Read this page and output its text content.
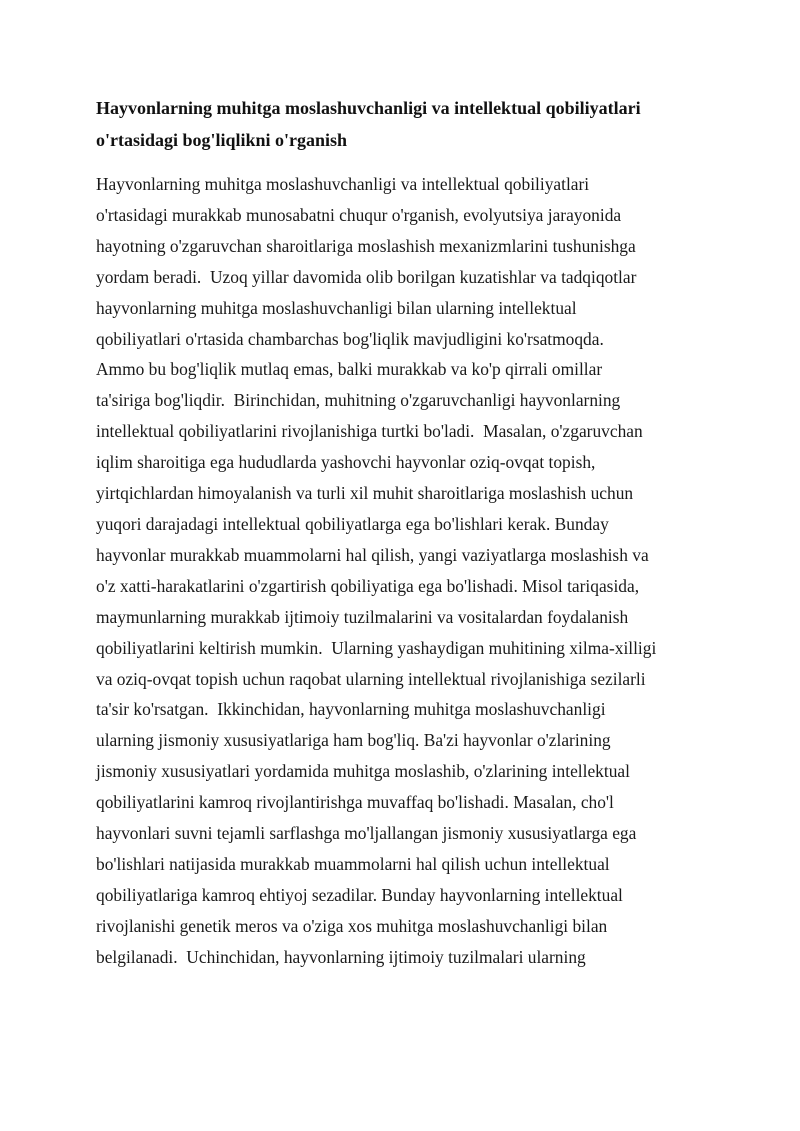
Hayvonlarning muhitga moslashuvchanligi va intellektual qobiliyatlari
o'rtasidagi bog'liqlikni o'rganish
Hayvonlarning muhitga moslashuvchanligi va intellektual qobiliyatlari
o'rtasidagi murakkab munosabatni chuqur o'rganish, evolyutsiya jarayonida
hayotning o'zgaruvchan sharoitlariga moslashish mexanizmlarini tushunishga
yordam beradi.  Uzoq yillar davomida olib borilgan kuzatishlar va tadqiqotlar
hayvonlarning muhitga moslashuvchanligi bilan ularning intellektual
qobiliyatlari o'rtasida chambarchas bog'liqlik mavjudligini ko'rsatmoqda.
Ammo bu bog'liqlik mutlaq emas, balki murakkab va ko'p qirrali omillar
ta'siriga bog'liqdir.  Birinchidan, muhitning o'zgaruvchanligi hayvonlarning
intellektual qobiliyatlarini rivojlanishiga turtki bo'ladi.  Masalan, o'zgaruvchan
iqlim sharoitiga ega hududlarda yashovchi hayvonlar oziq-ovqat topish,
yirtqichlardan himoyalanish va turli xil muhit sharoitlariga moslashish uchun
yuqori darajadagi intellektual qobiliyatlarga ega bo'lishlari kerak. Bunday
hayvonlar murakkab muammolarni hal qilish, yangi vaziyatlarga moslashish va
o'z xatti-harakatlarini o'zgartirish qobiliyatiga ega bo'lishadi. Misol tariqasida,
maymunlarning murakkab ijtimoiy tuzilmalarini va vositalardan foydalanish
qobiliyatlarini keltirish mumkin.  Ularning yashaydigan muhitining xilma-xilligi
va oziq-ovqat topish uchun raqobat ularning intellektual rivojlanishiga sezilarli
ta'sir ko'rsatgan.  Ikkinchidan, hayvonlarning muhitga moslashuvchanligi
ularning jismoniy xususiyatlariga ham bog'liq. Ba'zi hayvonlar o'zlarining
jismoniy xususiyatlari yordamida muhitga moslashib, o'zlarining intellektual
qobiliyatlarini kamroq rivojlantirishga muvaffaq bo'lishadi. Masalan, cho'l
hayvonlari suvni tejamli sarflashga mo'ljallangan jismoniy xususiyatlarga ega
bo'lishlari natijasida murakkab muammolarni hal qilish uchun intellektual
qobiliyatlariga kamroq ehtiyoj sezadilar. Bunday hayvonlarning intellektual
rivojlanishi genetik meros va o'ziga xos muhitga moslashuvchanligi bilan
belgilanadi.  Uchinchidan, hayvonlarning ijtimoiy tuzilmalari ularning
